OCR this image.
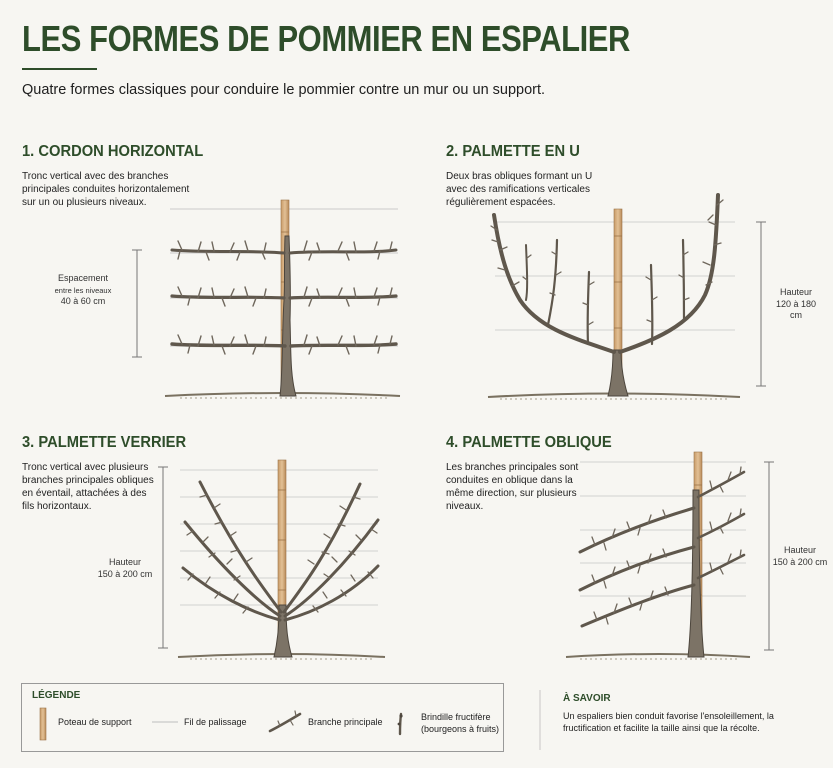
LES FORMES DE POMMIER EN ESPALIER
Quatre formes classiques pour conduire le pommier contre un mur ou un support.
1. CORDON HORIZONTAL
Tronc vertical avec des branches principales conduites horizontalement sur un ou plusieurs niveaux.
Espacement
entre les niveaux
40 à 60 cm
2. PALMETTE EN U
Deux bras obliques formant un U avec des ramifications verticales régulièrement espacées.
Hauteur
120 à 180 cm
3. PALMETTE VERRIER
Tronc vertical avec plusieurs branches principales obliques en éventail, attachées à des fils horizontaux.
Hauteur
150 à 200 cm
4. PALMETTE OBLIQUE
Les branches principales sont conduites en oblique dans la même direction, sur plusieurs niveaux.
Hauteur
150 à 200 cm
LÉGENDE
Poteau de support	Fil de palissage	Branche principale	Brindille fructifère
(bourgeons à fruits)
À SAVOIR
Un espaliers bien conduit favorise l'ensoleillement, la fructification et facilite la taille ainsi que la récolte.
